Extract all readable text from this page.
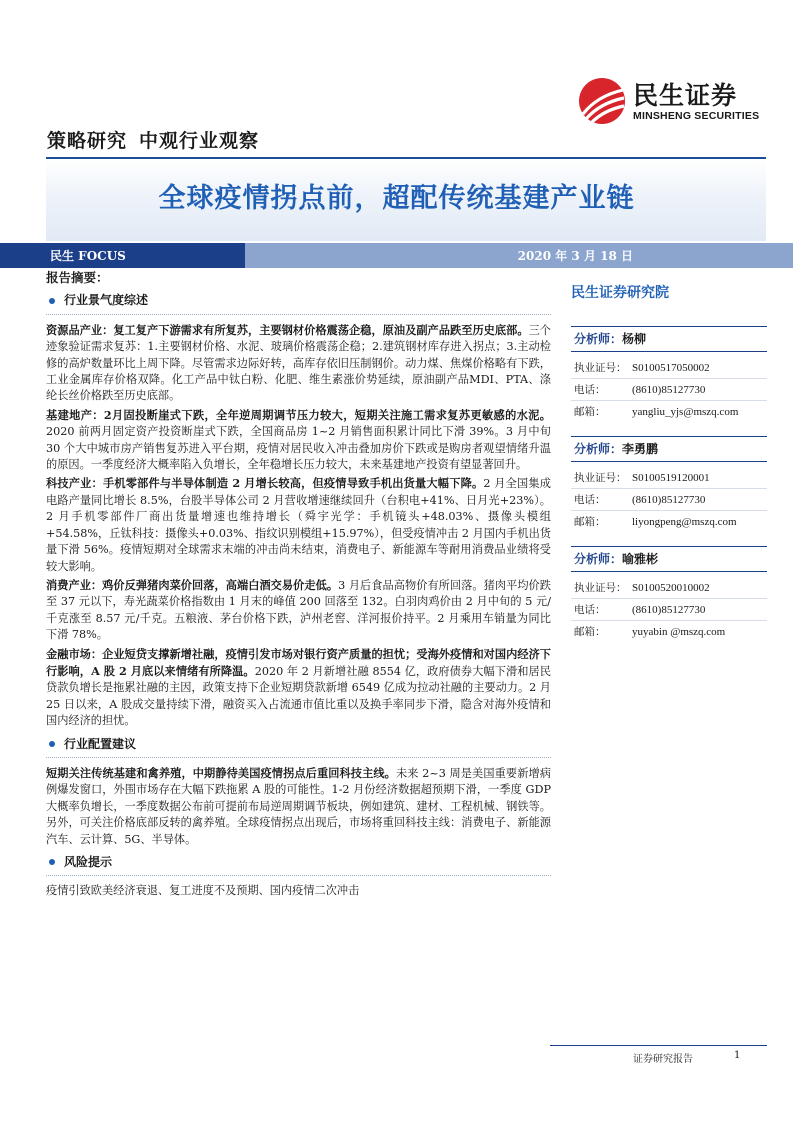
民生证券
MINSHENG SECURITIES
策略研究 中观行业观察
全球疫情拐点前，超配传统基建产业链
民生 FOCUS	2020 年 3 月 18 日
报告摘要：
行业景气度综述
资源品产业：复工复产下游需求有所复苏，主要钢材价格震荡企稳，原油及副产品跌至历史底部。三个迹象验证需求复苏：1.主要钢材价格、水泥、玻璃价格震荡企稳；2.建筑钢材库存进入拐点；3.主动检修的高炉数量环比上周下降。尽管需求边际好转，高库存依旧压制钢价。动力煤、焦煤价格略有下跌，工业金属库存价格双降。化工产品中钛白粉、化肥、维生素涨价势延续，原油副产品MDI、PTA、涤纶长丝价格跌至历史底部。
基建地产：2月固投断崖式下跌，全年逆周期调节压力较大，短期关注施工需求复苏更敏感的水泥。2020 前两月固定资产投资断崖式下跌，全国商品房 1~2 月销售面积累计同比下滑 39%。3 月中旬 30 个大中城市房产销售复苏进入平台期，疫情对居民收入冲击叠加房价下跌或是购房者观望情绪升温的原因。一季度经济大概率陷入负增长，全年稳增长压力较大，未来基建地产投资有望显著回升。
科技产业：手机零部件与半导体制造 2 月增长较高，但疫情导致手机出货量大幅下降。2 月全国集成电路产量同比增长 8.5%，台股半导体公司 2 月营收增速继续回升（台积电+41%、日月光+23%）。2 月手机零部件厂商出货量增速也维持增长（舜宇光学：手机镜头+48.03%、摄像头模组+54.58%，丘钛科技：摄像头+0.03%、指纹识别模组+15.97%），但受疫情冲击 2 月国内手机出货量下滑 56%。疫情短期对全球需求末端的冲击尚未结束，消费电子、新能源车等耐用消费品业绩将受较大影响。
消费产业：鸡价反弹猪肉菜价回落，高端白酒交易价走低。3 月后食品高物价有所回落。猪肉平均价跌至 37 元以下，寿光蔬菜价格指数由 1 月末的峰值 200 回落至 132。白羽肉鸡价由 2 月中旬的 5 元/千克涨至 8.57 元/千克。五粮液、茅台价格下跌，泸州老窖、洋河报价持平。2 月乘用车销量为同比下滑 78%。
金融市场：企业短贷支撑新增社融，疫情引发市场对银行资产质量的担忧；受海外疫情和对国内经济下行影响，A 股 2 月底以来情绪有所降温。2020 年 2 月新增社融 8554 亿，政府债券大幅下滑和居民贷款负增长是拖累社融的主因，政策支持下企业短期贷款新增 6549 亿成为拉动社融的主要动力。2 月 25 日以来，A 股成交量持续下滑，融资买入占流通市值比重以及换手率同步下滑，隐含对海外疫情和国内经济的担忧。
行业配置建议
短期关注传统基建和禽养殖，中期静待美国疫情拐点后重回科技主线。未来 2~3 周是美国重要新增病例爆发窗口，外围市场存在大幅下跌拖累 A 股的可能性。1-2 月份经济数据超预期下滑，一季度 GDP 大概率负增长，一季度数据公布前可提前布局逆周期调节板块，例如建筑、建材、工程机械、钢铁等。另外，可关注价格底部反转的禽养殖。全球疫情拐点出现后，市场将重回科技主线：消费电子、新能源汽车、云计算、5G、半导体。
风险提示
疫情引致欧美经济衰退、复工进度不及预期、国内疫情二次冲击
民生证券研究院
分析师：杨柳
执业证号： S0100517050002
电话：	(8610)85127730
邮箱：	yangliu_yjs@mszq.com
分析师：李勇鹏
执业证号： S0100519120001
电话：	(8610)85127730
邮箱：	liyongpeng@mszq.com
分析师：喻雅彬
执业证号： S0100520010002
电话：	(8610)85127730
邮箱：	yuyabin @mszq.com
证券研究报告	1
